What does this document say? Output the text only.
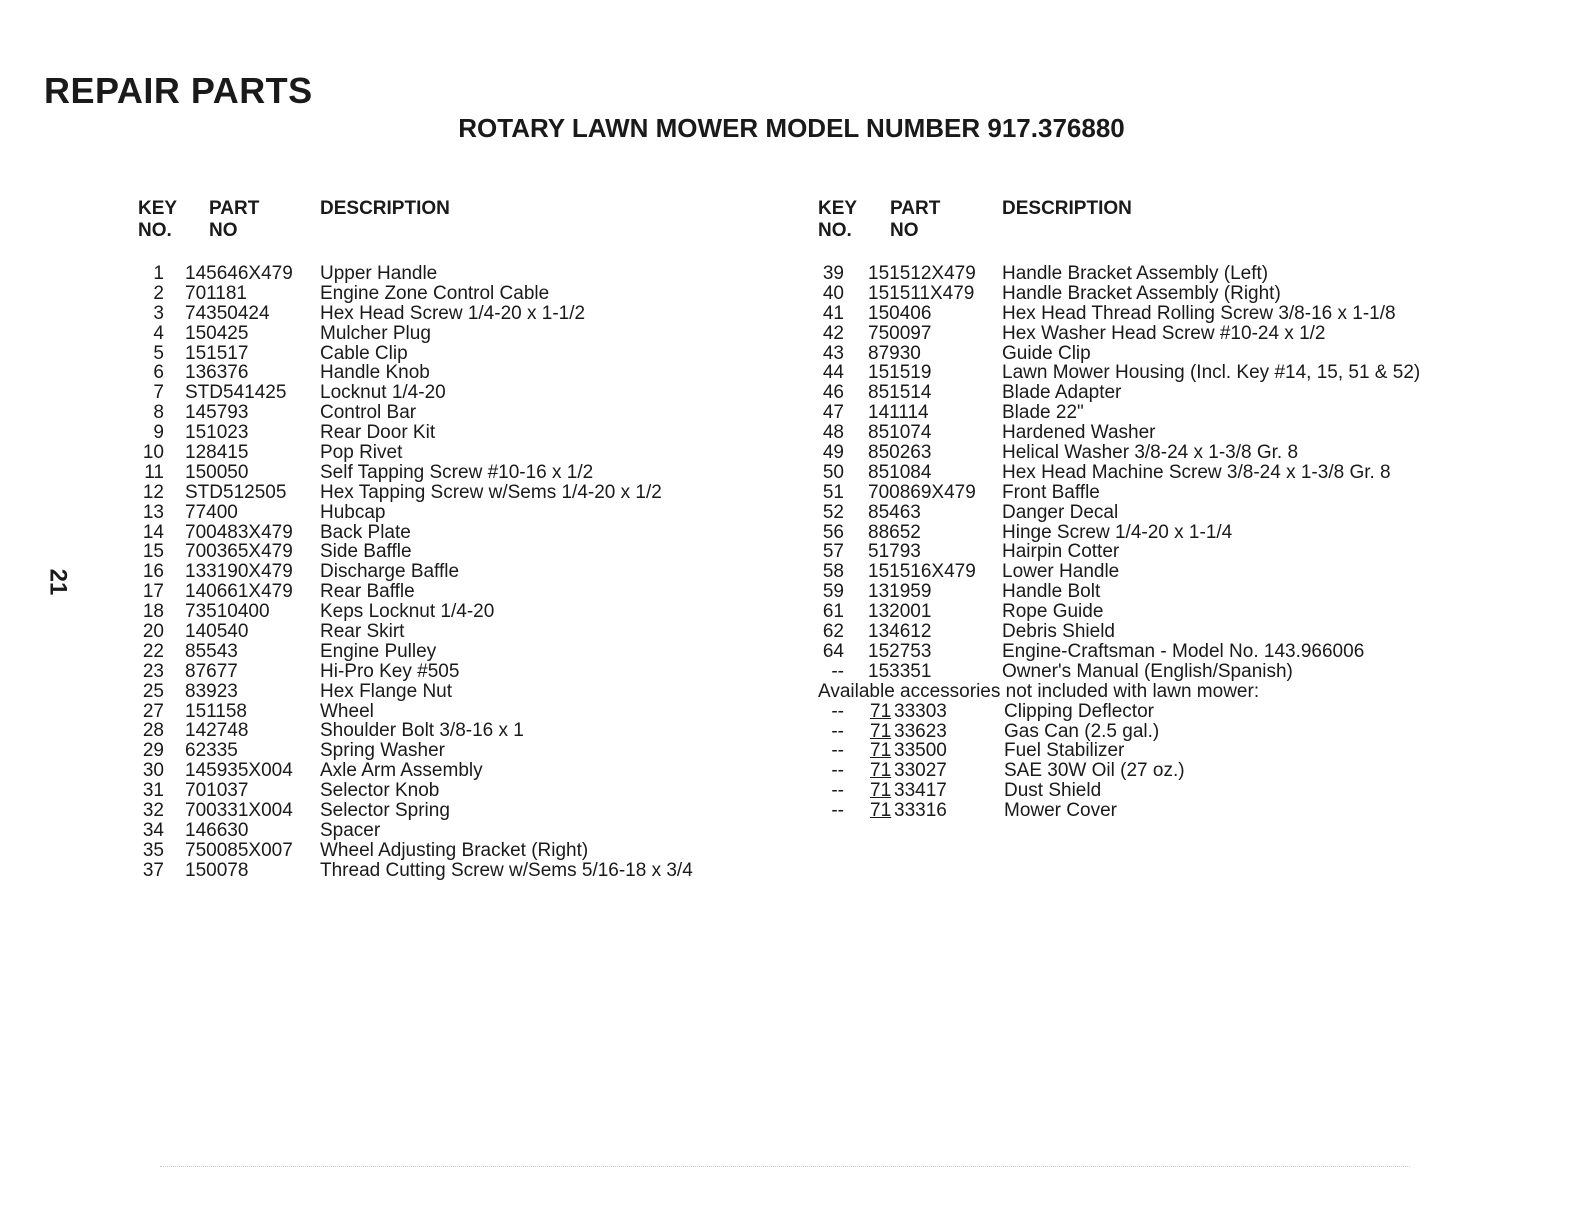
REPAIR PARTS
ROTARY LAWN MOWER MODEL NUMBER 917.376880
21
KEY
NO.
PART
NO
DESCRIPTION
1 145646X479 Upper Handle
2 701181	Engine Zone Control Cable
3 74350424	Hex Head Screw 1/4-20 x 1-1/2
4 150425	Mulcher Plug
5 151517	Cable Clip
6 136376	Handle Knob
7 STD541425 Locknut 1/4-20
8 145793	Control Bar
9 151023	Rear Door Kit
10 128415	Pop Rivet
11 150050	Self Tapping Screw #10-16 x 1/2
12 STD512505 Hex Tapping Screw w/Sems 1/4-20 x 1/2
13 77400	Hubcap
14 700483X479 Back Plate
15 700365X479 Side Baffle
16 133190X479 Discharge Baffle
17 140661X479 Rear Baffle
18 73510400	Keps Locknut 1/4-20
20 140540	Rear Skirt
22 85543	Engine Pulley
23 87677	Hi-Pro Key #505
25 83923	Hex Flange Nut
27 151158	Wheel
28 142748	Shoulder Bolt 3/8-16 x 1
29 62335	Spring Washer
30 145935X004 Axle Arm Assembly
31 701037	Selector Knob
32 700331X004 Selector Spring
34 146630	Spacer
35 750085X007 Wheel Adjusting Bracket (Right)
37 150078	Thread Cutting Screw w/Sems 5/16-18 x 3/4
KEY
NO.
PART
NO
DESCRIPTION
39 151512X479 Handle Bracket Assembly (Left)
40 151511X479 Handle Bracket Assembly (Right)
41 150406	Hex Head Thread Rolling Screw 3/8-16 x 1-1/8
42 750097	Hex Washer Head Screw #10-24 x 1/2
43 87930	Guide Clip
44 151519	Lawn Mower Housing (Incl. Key #14, 15, 51 & 52)
46 851514	Blade Adapter
47 141114	Blade 22"
48 851074	Hardened Washer
49 850263	Helical Washer 3/8-24 x 1-3/8 Gr. 8
50 851084	Hex Head Machine Screw 3/8-24 x 1-3/8 Gr. 8
51 700869X479 Front Baffle
52 85463	Danger Decal
56 88652	Hinge Screw 1/4-20 x 1-1/4
57 51793	Hairpin Cotter
58 151516X479 Lower Handle
59 131959	Handle Bolt
61 132001	Rope Guide
62 134612	Debris Shield
64 152753	Engine-Craftsman - Model No. 143.966006
-- 153351	Owner's Manual (English/Spanish)
Available accessories not included with lawn mower:
-- 71 33303	Clipping Deflector
-- 71 33623	Gas Can (2.5 gal.)
-- 71 33500	Fuel Stabilizer
-- 71 33027	SAE 30W Oil (27 oz.)
-- 71 33417	Dust Shield
-- 71 33316	Mower Cover
